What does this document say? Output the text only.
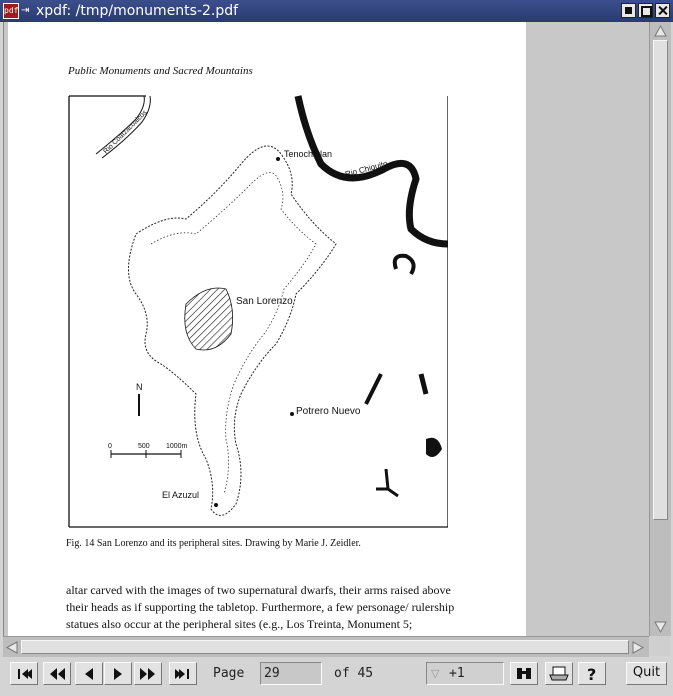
pdf ⇥ xpdf: /tmp/monuments-2.pdf
Public Monuments and Sacred Mountains
Rio Coatzacoalcos
Rio Chiquito
Tenochtitlan
San Lorenzo
Potrero Nuevo
El Azuzul
N
0	500 1000m
Fig. 14 San Lorenzo and its peripheral sites. Drawing by Marie J. Zeidler.
altar carved with the images of two supernatural dwarfs, their arms raised above
their heads as if supporting the tabletop. Furthermore, a few personage/ rulership
statues also occur at the peripheral sites (e.g., Los Treinta, Monument 5;
Page	29	of 45	▽ +1	?	Quit
